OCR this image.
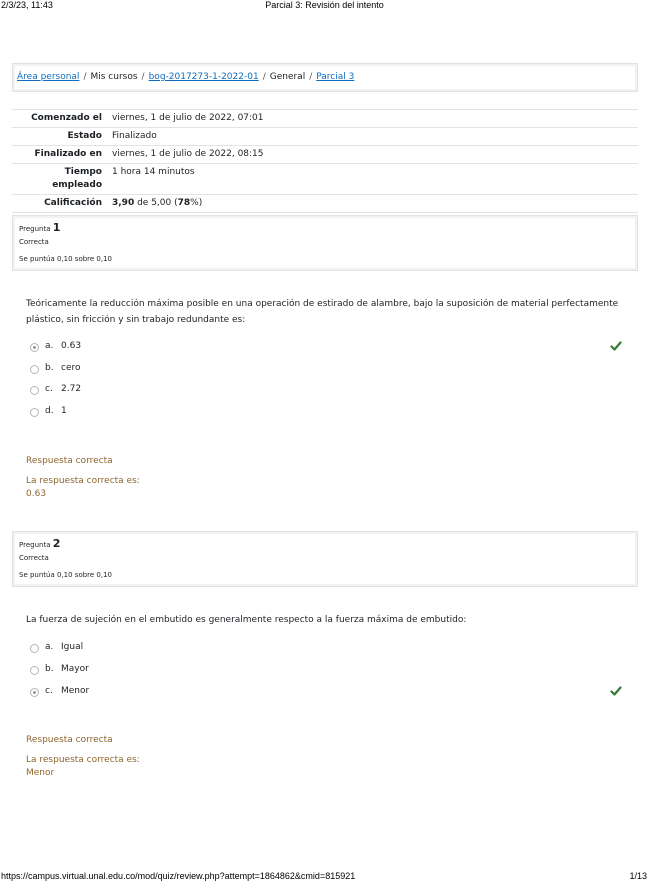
2/3/23, 11:43	Parcial 3: Revisión del intento
Área personal / Mis cursos / bog-2017273-1-2022-01 / General / Parcial 3
Comenzado el	viernes, 1 de julio de 2022, 07:01
Estado	Finalizado
Finalizado en	viernes, 1 de julio de 2022, 08:15
Tiempo
empleado	1 hora 14 minutos
Calificación	3,90 de 5,00 (78%)
Pregunta 1
Correcta
Se puntúa 0,10 sobre 0,10
Teóricamente la reducción máxima posible en una operación de estirado de alambre, bajo la suposición de material perfectamente plástico, sin fricción y sin trabajo redundante es:
a. 0.63
b. cero
c. 2.72
d. 1
Respuesta correcta
La respuesta correcta es:
0.63
Pregunta 2
Correcta
Se puntúa 0,10 sobre 0,10
La fuerza de sujeción en el embutido es generalmente respecto a la fuerza máxima de embutido:
a. Igual
b. Mayor
c. Menor
Respuesta correcta
La respuesta correcta es:
Menor
https://campus.virtual.unal.edu.co/mod/quiz/review.php?attempt=1864862&cmid=815921	1/13
